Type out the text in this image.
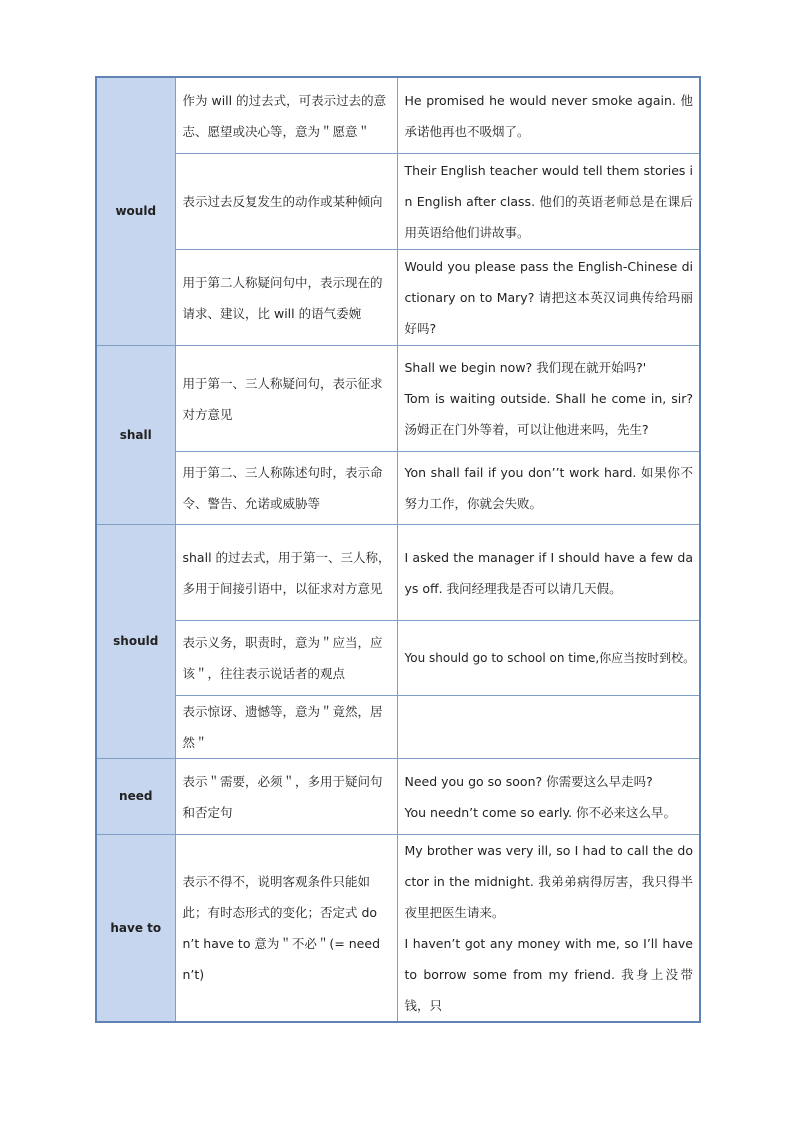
would	作为 will 的过去式，可表示过去的意志、愿望或决心等，意为＂愿意＂	He promised he would never smoke again. 他承诺他再也不吸烟了。

	表示过去反复发生的动作或某种倾向	Their English teacher would tell them stories in English after class. 他们的英语老师总是在课后用英语给他们讲故事。

	用于第二人称疑问句中，表示现在的请求、建议，比 will 的语气委婉	Would you please pass the English-Chinese dictionary on to Mary? 请把这本英汉词典传给玛丽好吗?

shall	用于第一、三人称疑问句，表示征求对方意见	Shall we begin now? 我们现在就开始吗?'
Tom is waiting outside. Shall he come in, sir? 汤姆正在门外等着，可以让他进来吗，先生?

	用于第二、三人称陈述句时，表示命令、警告、允诺或威胁等	Yon shall fail if you don’’t work hard. 如果你不努力工作，你就会失败。

should	shall 的过去式，用于第一、三人称，多用于间接引语中，以征求对方意见	I asked the manager if I should have a few days off. 我问经理我是否可以请几天假。

	表示义务，职责时，意为＂应当，应该＂，往往表示说话者的观点	You should go to school on time,你应当按时到校。

	表示惊讶、遗憾等，意为＂竟然，居然＂	
need	表示＂需要，必须＂，多用于疑问句和否定句	Need you go so soon? 你需要这么早走吗?
You needn’t come so early. 你不必来这么早。

have to	表示不得不，说明客观条件只能如此；有时态形式的变化；否定式 don’t have to 意为＂不必＂(= needn’t)	My brother was very ill, so I had to call the doctor in the midnight. 我弟弟病得厉害，我只得半夜里把医生请来。
I haven’t got any money with me, so I’ll have to borrow some from my friend. 我身上没带钱，只
